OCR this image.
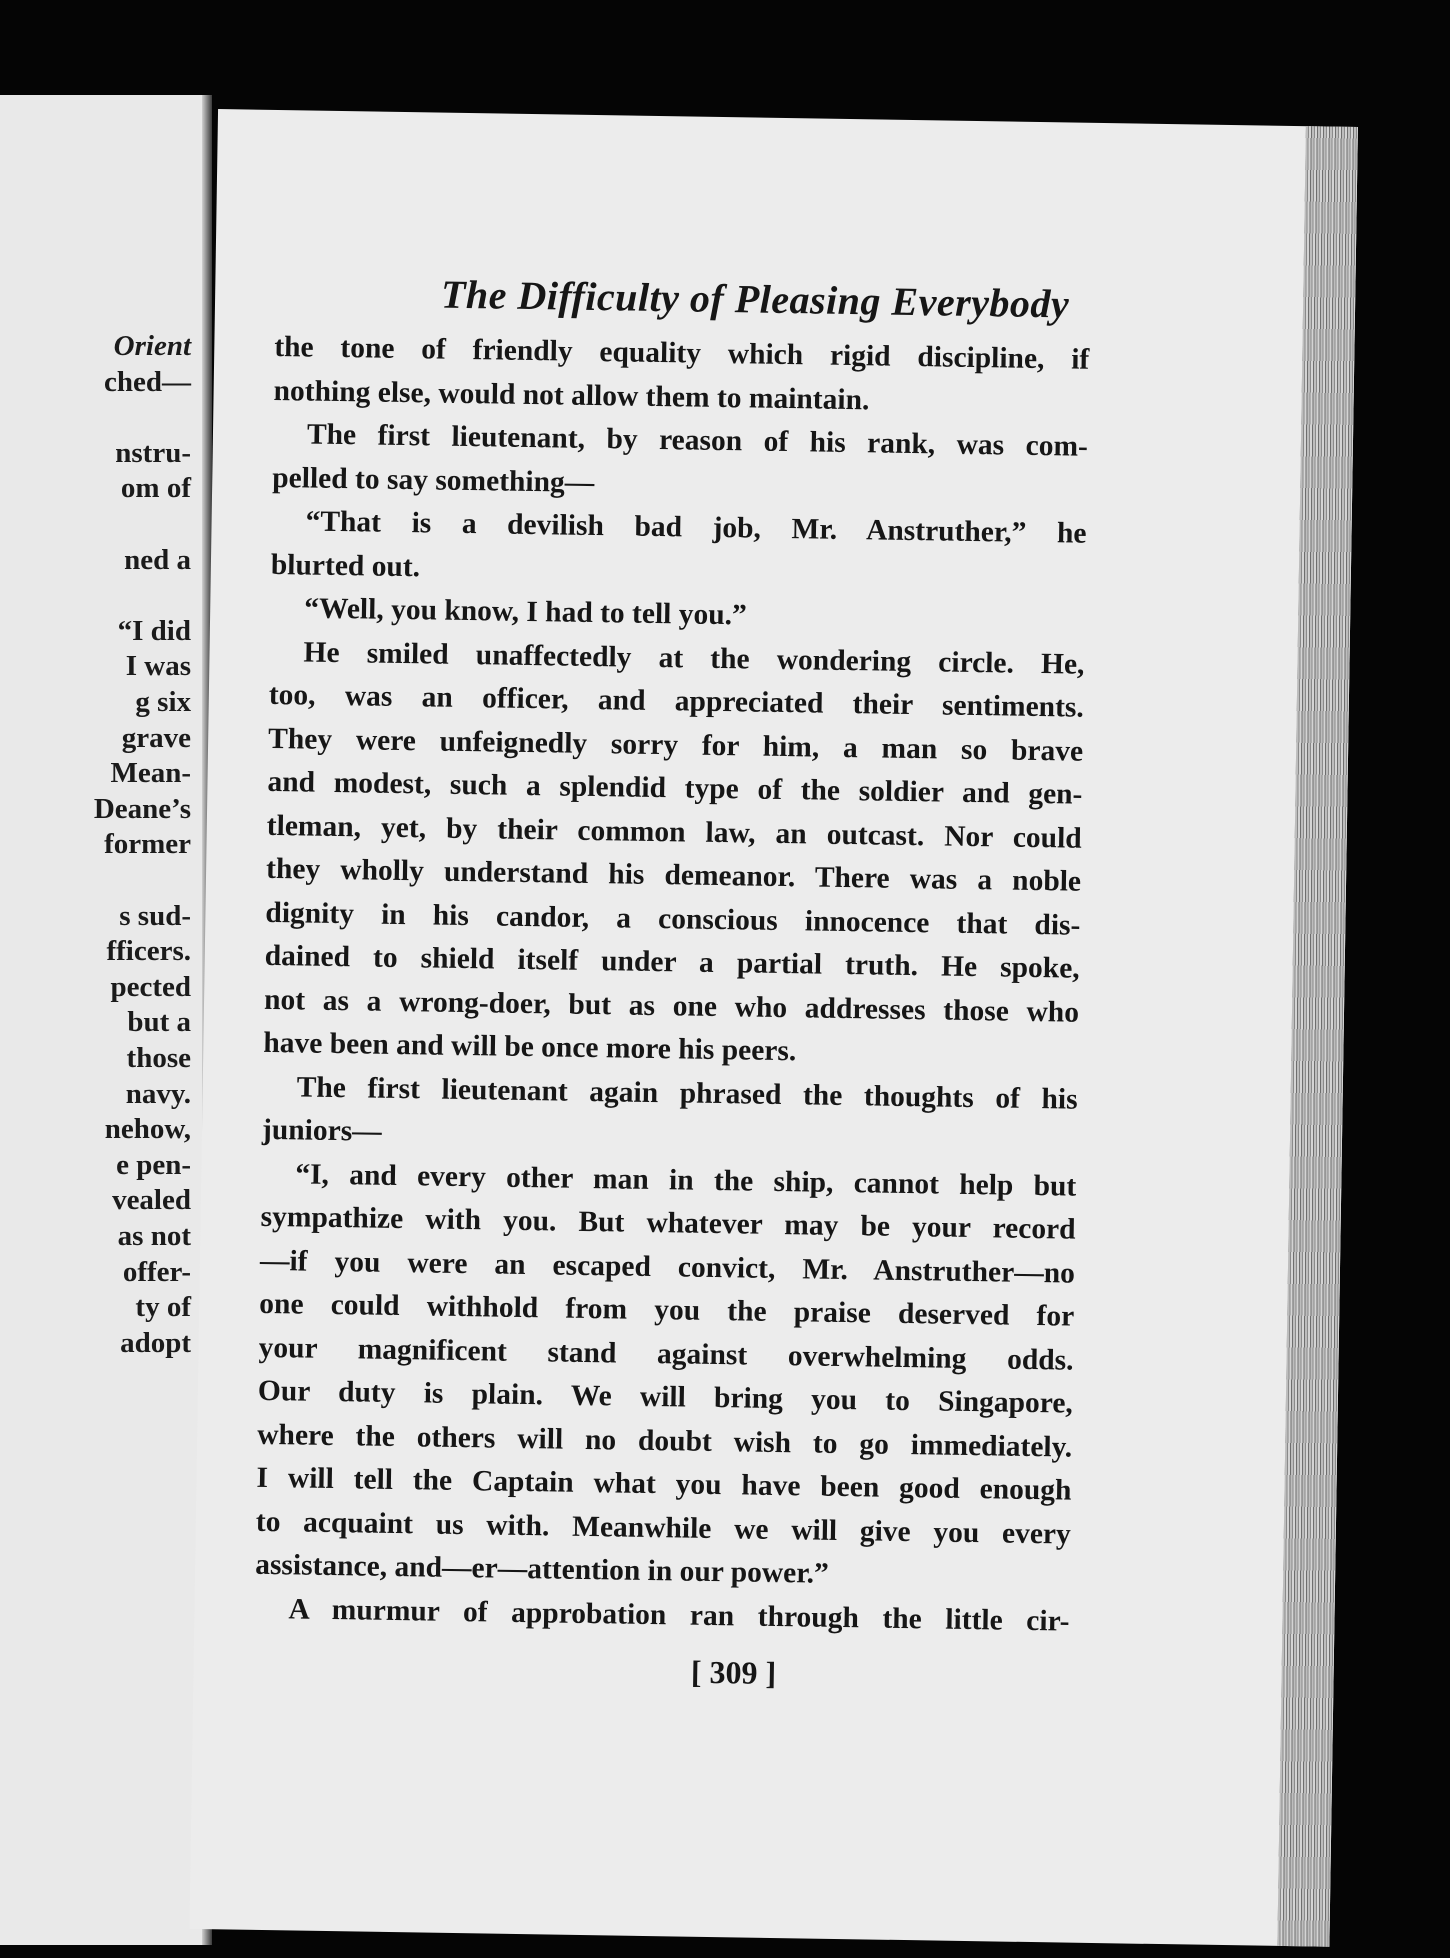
Orient
ched—
nstru-
om of
ned a
“I did
I was
g six
grave
Mean-
Deane’s
former
s sud-
fficers.
pected
but a
those
navy.
nehow,
e pen-
vealed
as not
offer-
ty of
adopt
The Difficulty of Pleasing Everybody

the tone of friendly equality which rigid discipline, if

nothing else, would not allow them to maintain.

The first lieutenant, by reason of his rank, was com-

pelled to say something—

“That is a devilish bad job, Mr. Anstruther,” he

blurted out.

“Well, you know, I had to tell you.”

He smiled unaffectedly at the wondering circle. He,

too, was an officer, and appreciated their sentiments.

They were unfeignedly sorry for him, a man so brave

and modest, such a splendid type of the soldier and gen-

tleman, yet, by their common law, an outcast. Nor could

they wholly understand his demeanor. There was a noble

dignity in his candor, a conscious innocence that dis-

dained to shield itself under a partial truth. He spoke,

not as a wrong-doer, but as one who addresses those who

have been and will be once more his peers.

The first lieutenant again phrased the thoughts of his

juniors—

“I, and every other man in the ship, cannot help but

sympathize with you. But whatever may be your record

—if you were an escaped convict, Mr. Anstruther—no

one could withhold from you the praise deserved for

your magnificent stand against overwhelming odds.

Our duty is plain. We will bring you to Singapore,

where the others will no doubt wish to go immediately.

I will tell the Captain what you have been good enough

to acquaint us with. Meanwhile we will give you every

assistance, and—er—attention in our power.”

A murmur of approbation ran through the little cir-

[ 309 ]
